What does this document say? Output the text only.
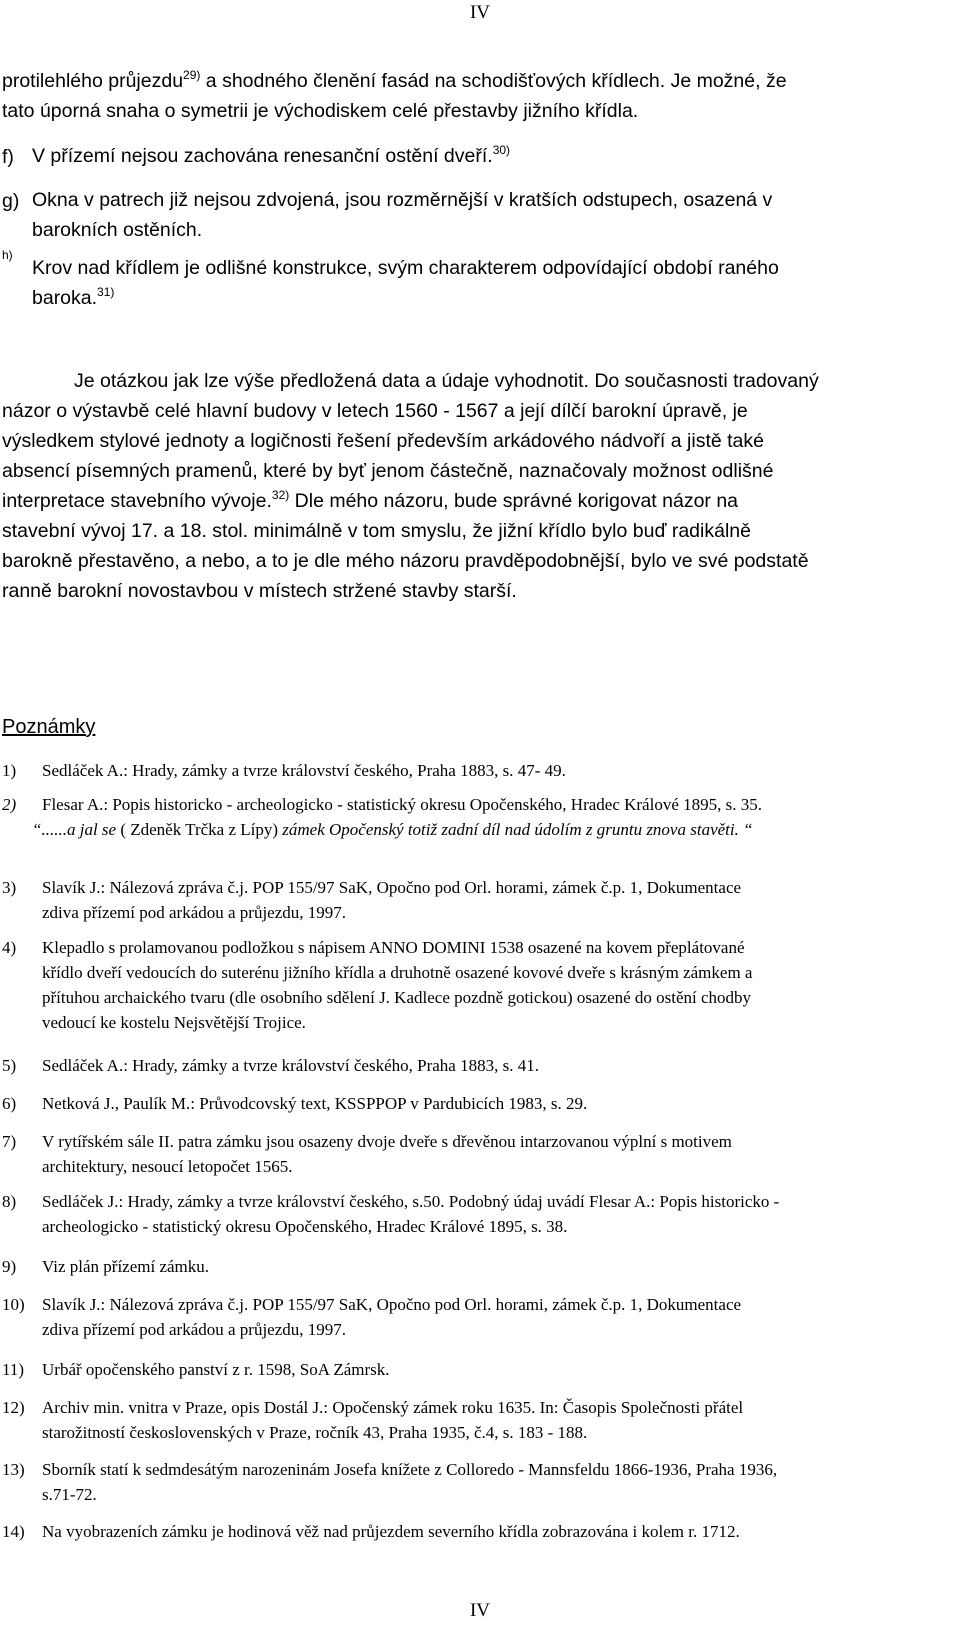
IV
protilehlého průjezdu$^{29)}$ a shodného členění fasád na schodišťových křídlech. Je možné, že
tato úporná snaha o symetrii je východiskem celé přestavby jižního křídla.
f) V přízemí nejsou zachována renesanční ostění dveří.$^{30)}$
g) Okna v patrech již nejsou zdvojená, jsou rozměrnější v kratších odstupech, osazená v
barokních ostěních.
h)
Krov nad křídlem je odlišné konstrukce, svým charakterem odpovídající období raného
baroka.$^{31)}$
Je otázkou jak lze výše předložená data a údaje vyhodnotit. Do současnosti tradovaný
názor o výstavbě celé hlavní budovy v letech 1560 - 1567 a její dílčí barokní úpravě, je
výsledkem stylové jednoty a logičnosti řešení především arkádového nádvoří a jistě také
absencí písemných pramenů, které by byť jenom částečně, naznačovaly možnost odlišné
interpretace stavebního vývoje.$^{32)}$ Dle mého názoru, bude správné korigovat názor na
stavební vývoj 17. a 18. stol. minimálně v tom smyslu, že jižní křídlo bylo buď radikálně
barokně přestavěno, a nebo, a to je dle mého názoru pravděpodobnější, bylo ve své podstatě
ranně barokní novostavbou v místech stržené stavby starší.
Poznámky
1) Sedláček A.: Hrady, zámky a tvrze království českého, Praha 1883, s. 47- 49.
2) Flesar A.: Popis historicko - archeologicko - statistický okresu Opočenského, Hradec Králové 1895, s. 35.
“......a jal se ( Zdeněk Trčka z Lípy) zámek Opočenský totiž zadní díl nad údolím z gruntu znova stavěti. “
3) Slavík J.: Nálezová zpráva č.j. POP 155/97 SaK, Opočno pod Orl. horami, zámek č.p. 1, Dokumentace
zdiva přízemí pod arkádou a průjezdu, 1997.
4) Klepadlo s prolamovanou podložkou s nápisem ANNO DOMINI 1538 osazené na kovem přeplátované
křídlo dveří vedoucích do suterénu jižního křídla a druhotně osazené kovové dveře s krásným zámkem a
přítuhou archaického tvaru (dle osobního sdělení J. Kadlece pozdně gotickou) osazené do ostění chodby
vedoucí ke kostelu Nejsvětější Trojice.
5) Sedláček A.: Hrady, zámky a tvrze království českého, Praha 1883, s. 41.
6) Netková J., Paulík M.: Průvodcovský text, KSSPPOP v Pardubicích 1983, s. 29.
7) V rytířském sále II. patra zámku jsou osazeny dvoje dveře s dřevěnou intarzovanou výplní s motivem
architektury, nesoucí letopočet 1565.
8) Sedláček J.: Hrady, zámky a tvrze království českého, s.50. Podobný údaj uvádí Flesar A.: Popis historicko -
archeologicko - statistický okresu Opočenského, Hradec Králové 1895, s. 38.
9) Viz plán přízemí zámku.
10) Slavík J.: Nálezová zpráva č.j. POP 155/97 SaK, Opočno pod Orl. horami, zámek č.p. 1, Dokumentace
zdiva přízemí pod arkádou a průjezdu, 1997.
11) Urbář opočenského panství z r. 1598, SoA Zámrsk.
12) Archiv min. vnitra v Praze, opis Dostál J.: Opočenský zámek roku 1635. In: Časopis Společnosti přátel
starožitností československých v Praze, ročník 43, Praha 1935, č.4, s. 183 - 188.
13) Sborník statí k sedmdesátým narozeninám Josefa knížete z Colloredo - Mannsfeldu 1866-1936, Praha 1936,
s.71-72.
14) Na vyobrazeních zámku je hodinová věž nad průjezdem severního křídla zobrazována i kolem r. 1712.
IV
